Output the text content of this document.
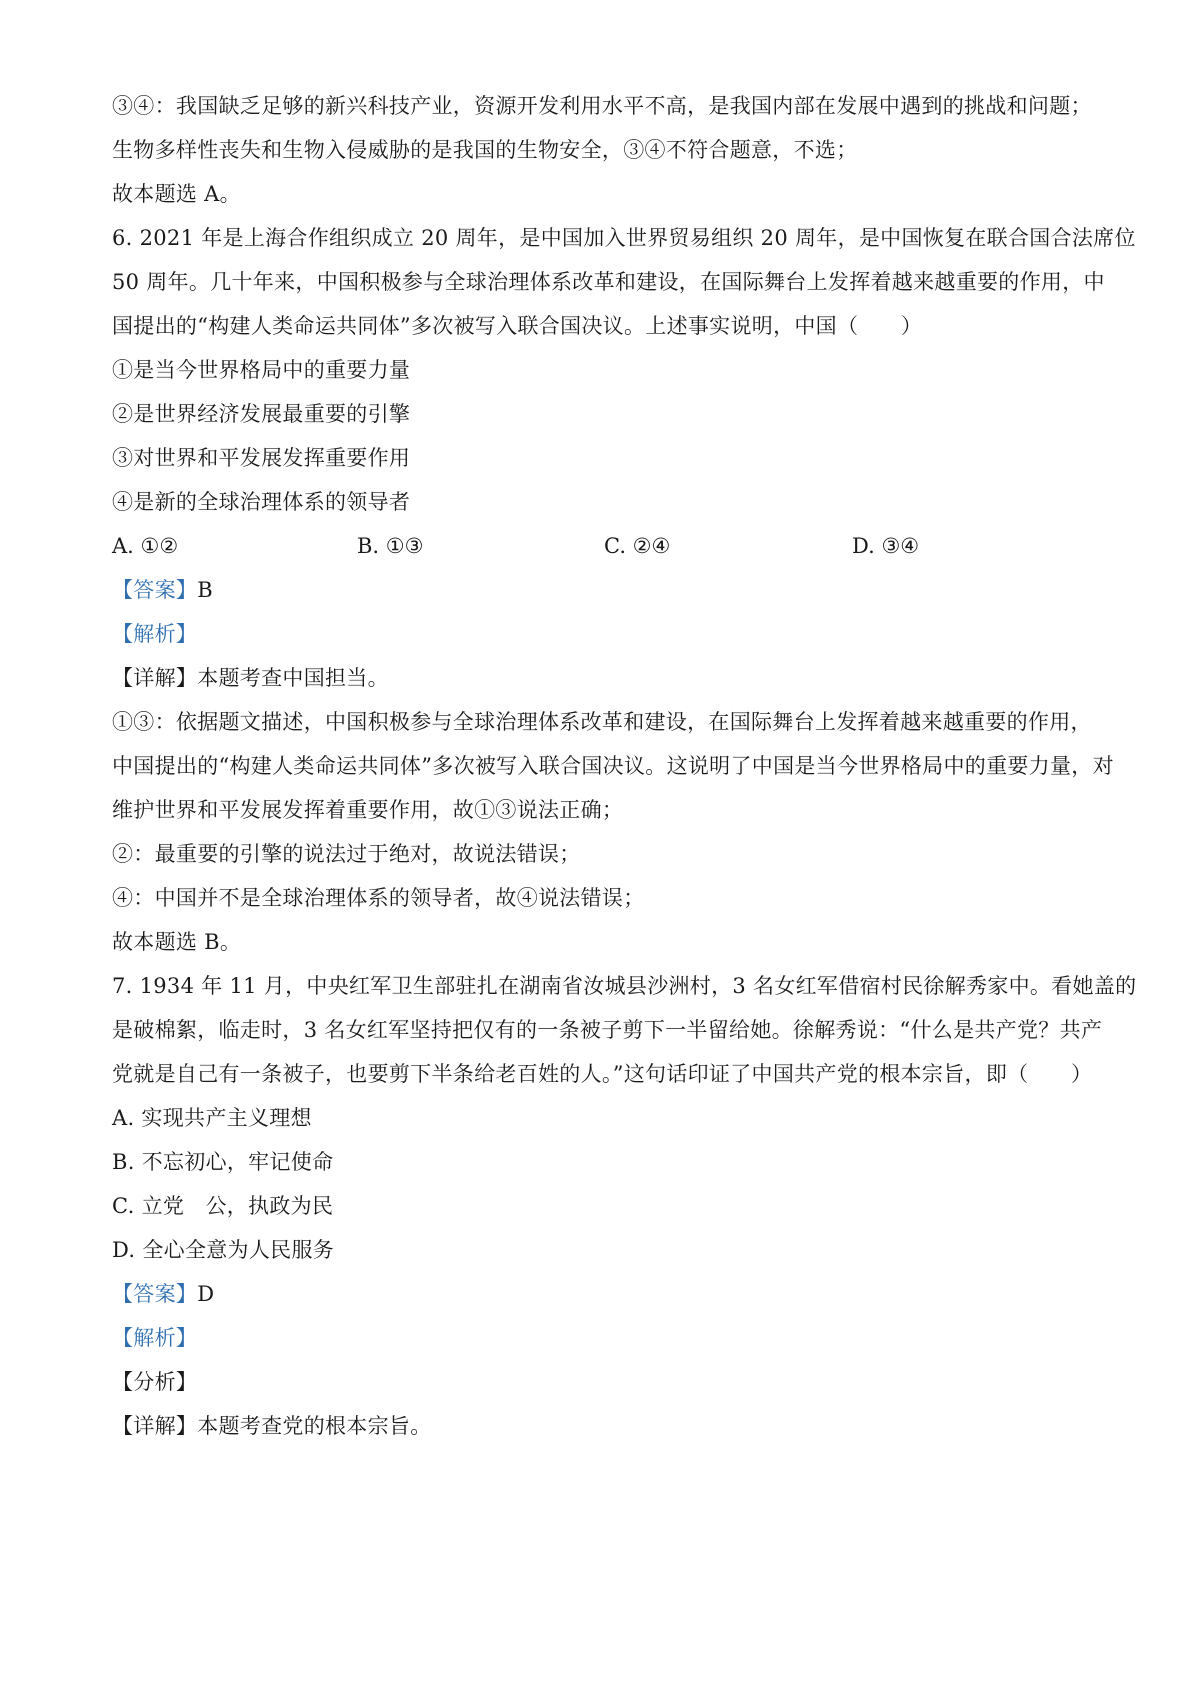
③④：我国缺乏足够的新兴科技产业，资源开发利用水平不高，是我国内部在发展中遇到的挑战和问题；
生物多样性丧失和生物入侵威胁的是我国的生物安全，③④不符合题意，不选；
故本题选 A。
6. 2021 年是上海合作组织成立 20 周年，是中国加入世界贸易组织 20 周年，是中国恢复在联合国合法席位
50 周年。几十年来，中国积极参与全球治理体系改革和建设，在国际舞台上发挥着越来越重要的作用，中
国提出的“构建人类命运共同体”多次被写入联合国决议。上述事实说明，中国（　　）
①是当今世界格局中的重要力量
②是世界经济发展最重要的引擎
③对世界和平发展发挥重要作用
④是新的全球治理体系的领导者
A. ①②	B. ①③	C. ②④	D. ③④
【答案】B
【解析】
【详解】本题考查中国担当。
①③：依据题文描述，中国积极参与全球治理体系改革和建设，在国际舞台上发挥着越来越重要的作用，
中国提出的“构建人类命运共同体”多次被写入联合国决议。这说明了中国是当今世界格局中的重要力量，对
维护世界和平发展发挥着重要作用，故①③说法正确；
②：最重要的引擎的说法过于绝对，故说法错误；
④：中国并不是全球治理体系的领导者，故④说法错误；
故本题选 B。
7. 1934 年 11 月，中央红军卫生部驻扎在湖南省汝城县沙洲村，3 名女红军借宿村民徐解秀家中。看她盖的
是破棉絮，临走时，3 名女红军坚持把仅有的一条被子剪下一半留给她。徐解秀说：“什么是共产党？共产
党就是自己有一条被子，也要剪下半条给老百姓的人。”这句话印证了中国共产党的根本宗旨，即（　　）
A. 实现共产主义理想
B. 不忘初心，牢记使命
C. 立党　公，执政为民
D. 全心全意为人民服务
【答案】D
【解析】
【分析】
【详解】本题考查党的根本宗旨。
